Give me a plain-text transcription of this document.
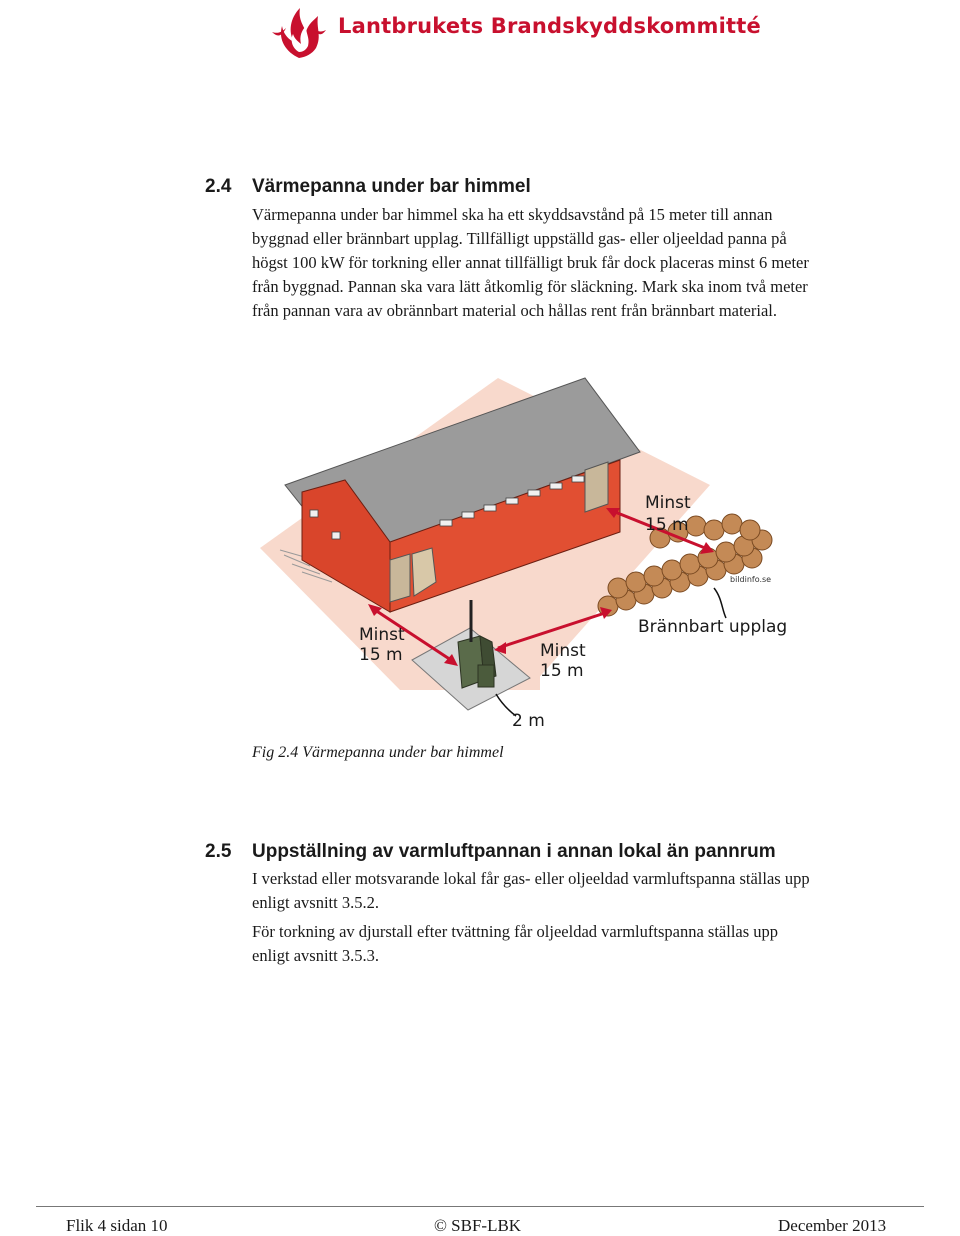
Lantbrukets Brandskyddskommitté
2.4 Värmepanna under bar himmel

Värmepanna under bar himmel ska ha ett skyddsavstånd på 15 meter till annan byggnad eller brännbart upplag. Tillfälligt uppställd gas- eller oljeeldad panna på högst 100 kW för torkning eller annat tillfälligt bruk får dock placeras minst 6 meter från byggnad. Pannan ska vara lätt åtkomlig för släckning. Mark ska inom två meter från pannan vara av obrännbart material och hållas rent från brännbart material.

Minst
15 m
Minst
15 m	Minst
15 m
Brännbart upplag
2 m
bildinfo.se
Fig 2.4 Värmepanna under bar himmel
2.5 Uppställning av varmluftpannan i annan lokal än pannrum

I verkstad eller motsvarande lokal får gas- eller oljeeldad varmluftspanna ställas upp enligt avsnitt 3.5.2.

För torkning av djurstall efter tvättning får oljeeldad varmluftspanna ställas upp enligt avsnitt 3.5.3.

Flik 4 sidan 10	© SBF-LBK	December 2013
